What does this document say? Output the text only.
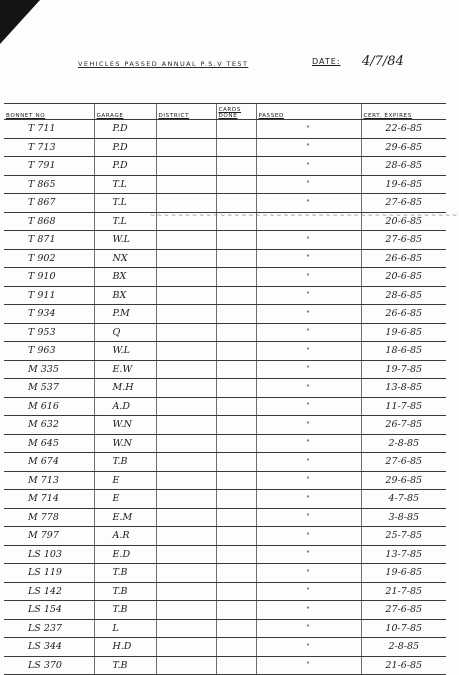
VEHICLES PASSED ANNUAL P.S.V TEST	DATE: 4/7/84
BONNET NO	GARAGE	DISTRICT	CARDS DONE	PASSED	CERT. EXPIRES
T 711	P.D			"	22-6-85
T 713	P.D			"	29-6-85
T 791	P.D			"	28-6-85
T 865	T.L			"	19-6-85
T 867	T.L			"	27-6-85
T 868	T.L				20-6-85
T 871	W.L			"	27-6-85
T 902	NX			"	26-6-85
T 910	BX			"	20-6-85
T 911	BX			"	28-6-85
T 934	P.M			"	26-6-85
T 953	Q			"	19-6-85
T 963	W.L			"	18-6-85
M 335	E.W			"	19-7-85
M 537	M.H			"	13-8-85
M 616	A.D			"	11-7-85
M 632	W.N			"	26-7-85
M 645	W.N			"	2-8-85
M 674	T.B			"	27-6-85
M 713	E			"	29-6-85
M 714	E			"	4-7-85
M 778	E.M			"	3-8-85
M 797	A.R			"	25-7-85
LS 103	E.D			"	13-7-85
LS 119	T.B			"	19-6-85
LS 142	T.B			"	21-7-85
LS 154	T.B			"	27-6-85
LS 237	L			"	10-7-85
LS 344	H.D			"	2-8-85
LS 370	T.B			"	21-6-85
~~~~~~~~~~~~~~~~~~~~~~~~~~~~~~~~~~~~~~~~~~~~
